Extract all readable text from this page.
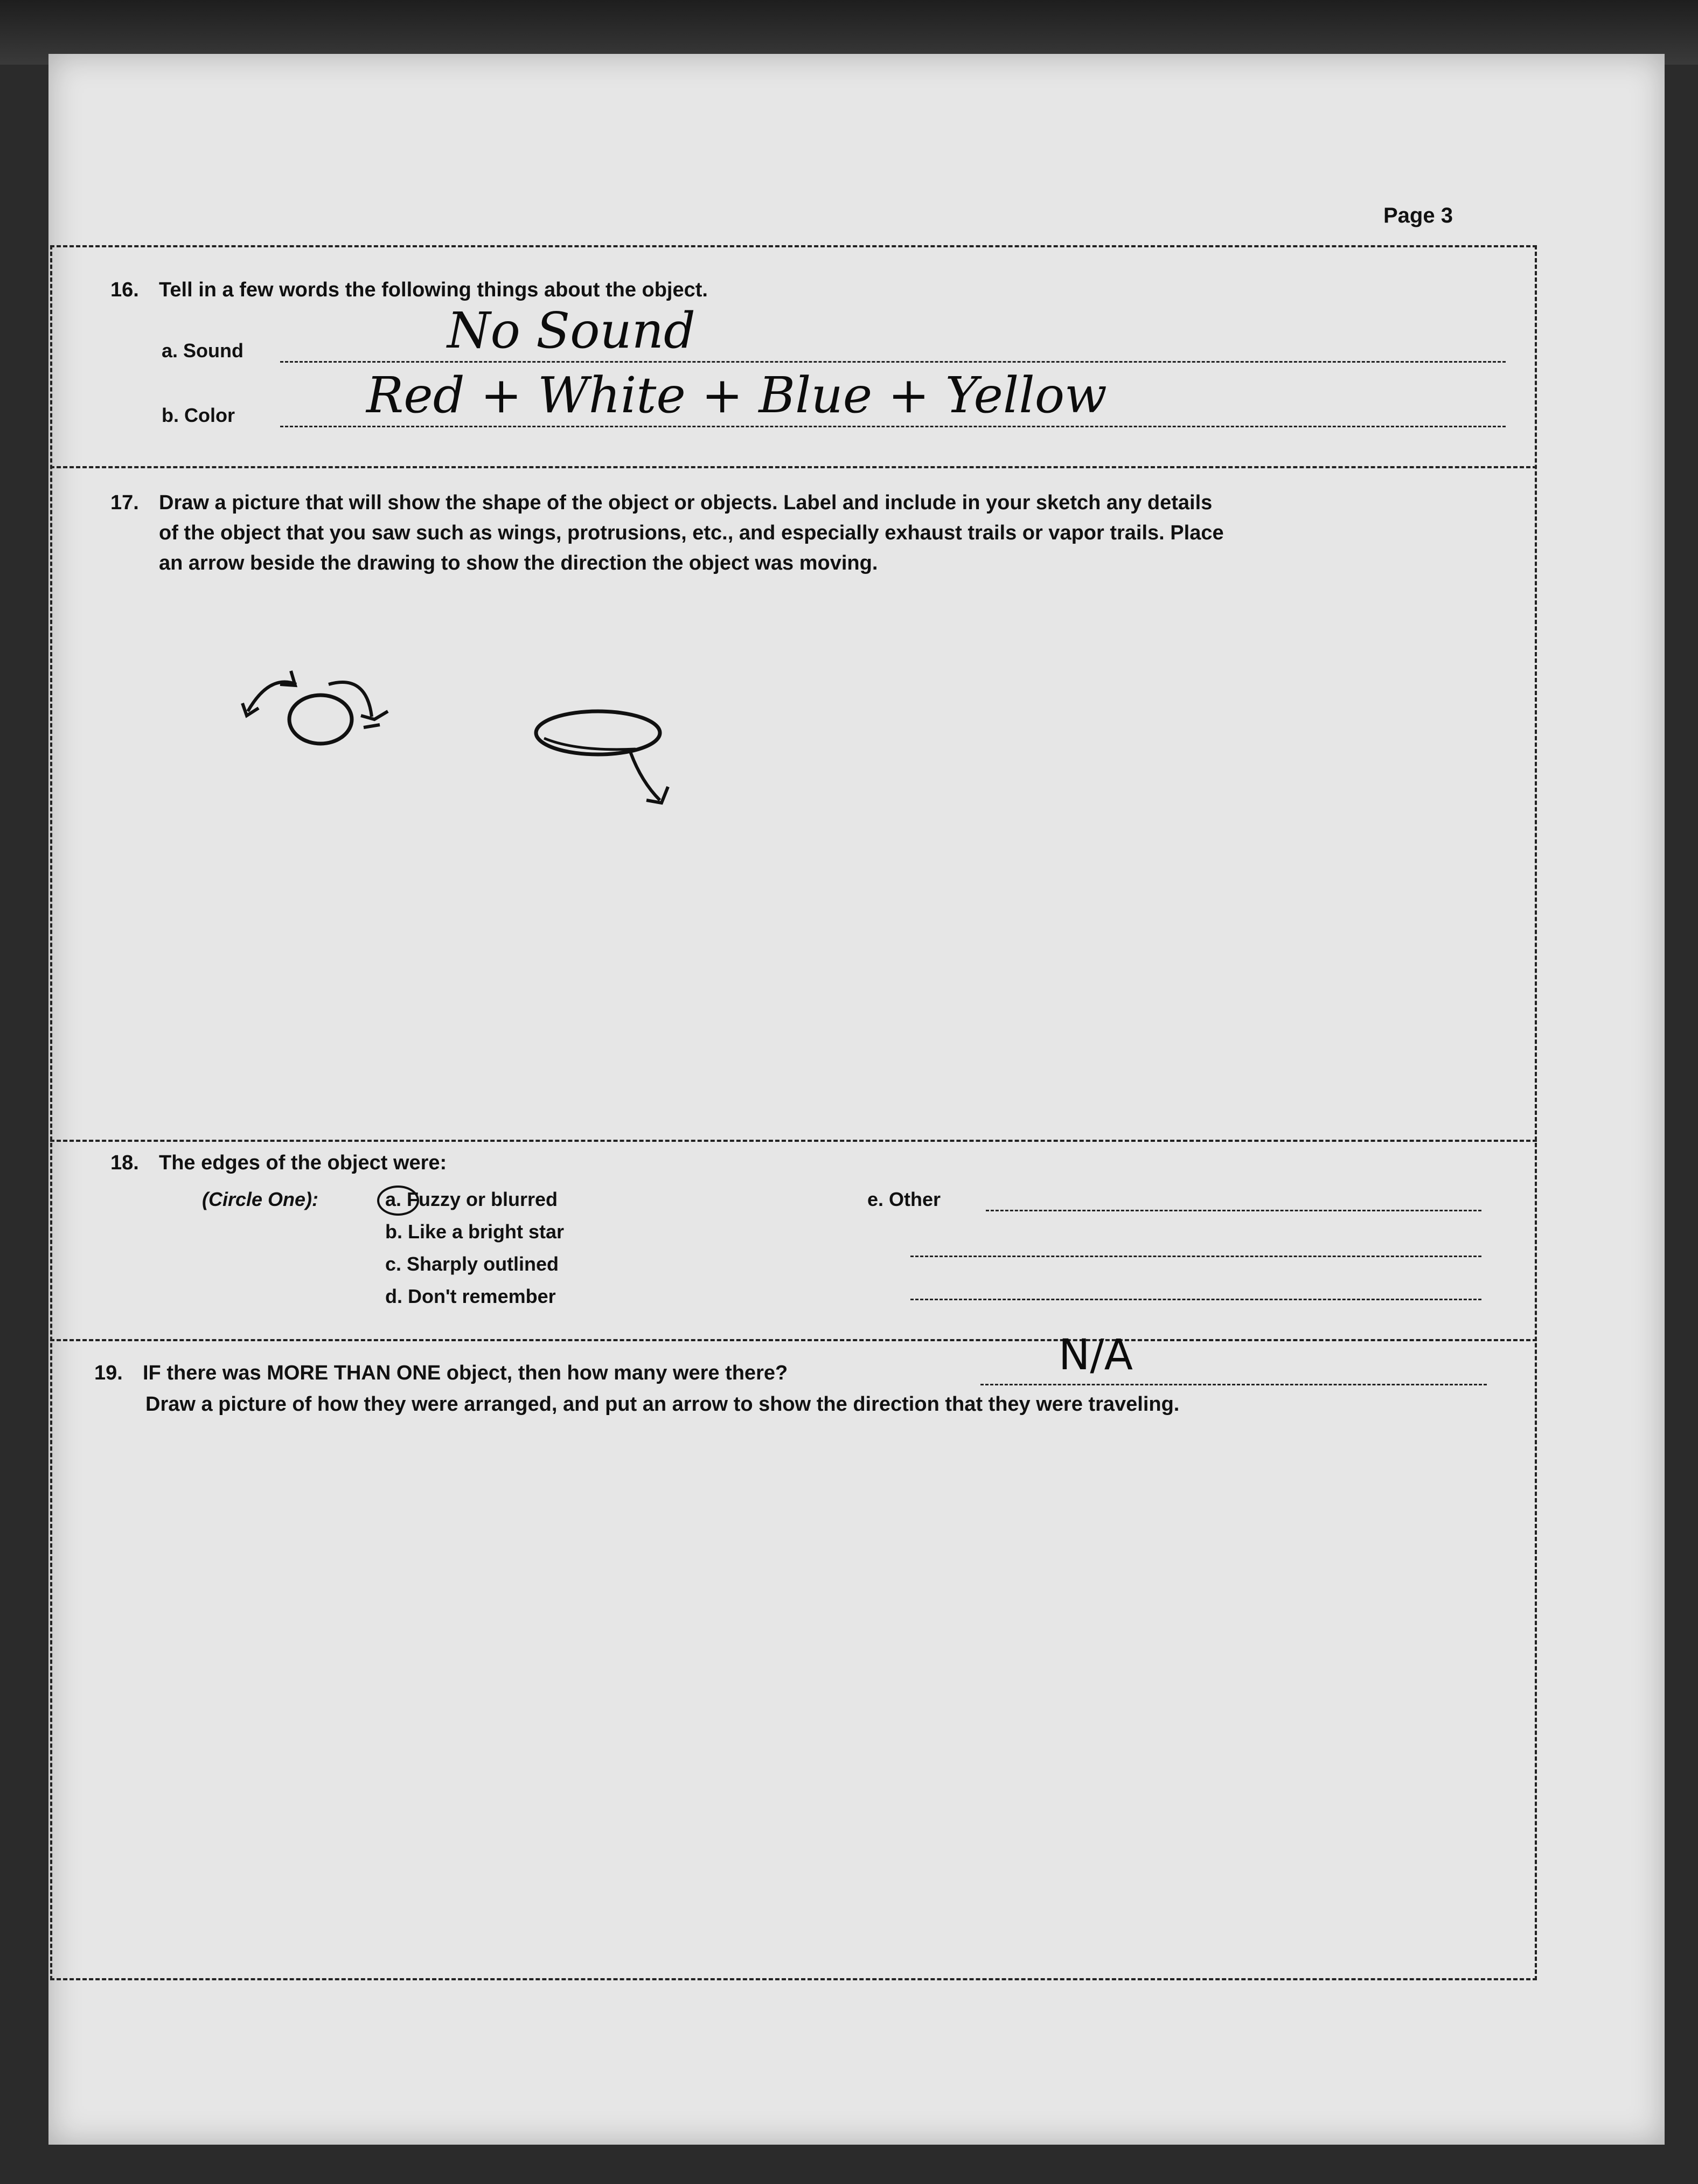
Page 3
16. Tell in a few words the following things about the object.
a. Sound	No Sound
b. Color	Red + White + Blue + Yellow
17. Draw a picture that will show the shape of the object or objects. Label and include in your sketch any details
of the object that you saw such as wings, protrusions, etc., and especially exhaust trails or vapor trails. Place
an arrow beside the drawing to show the direction the object was moving.
18. The edges of the object were:
(Circle One):	a. Fuzzy or blurred
b. Like a bright star
c. Sharply outlined
d. Don't remember
e. Other
19. IF there was MORE THAN ONE object, then how many were there?	N/A
Draw a picture of how they were arranged, and put an arrow to show the direction that they were traveling.
